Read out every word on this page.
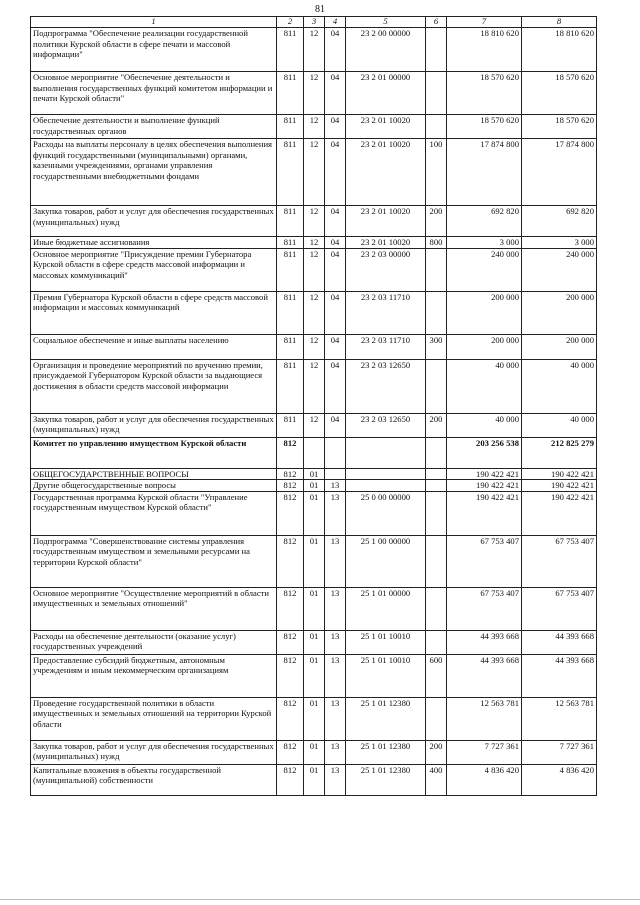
81
1	2	3	4	5	6	7	8
Подпрограмма "Обеспечение реализации государственной политики Курской области в сфере печати и массовой информации"	811	12	04	23 2 00 00000		18 810 620	18 810 620
Основное мероприятие "Обеспечение деятельности и выполнения государственных функций комитетом информации и печати Курской области"	811	12	04	23 2 01 00000		18 570 620	18 570 620
Обеспечение деятельности и выполнение функций государственных органов	811	12	04	23 2 01 10020		18 570 620	18 570 620
Расходы на выплаты персоналу в целях обеспечения выполнения функций государственными (муниципальными) органами, казенными учреждениями, органами управления государственными внебюджетными фондами	811	12	04	23 2 01 10020	100	17 874 800	17 874 800
Закупка товаров, работ и услуг для обеспечения государственных (муниципальных) нужд	811	12	04	23 2 01 10020	200	692 820	692 820
Иные бюджетные ассигнования	811	12	04	23 2 01 10020	800	3 000	3 000
Основное мероприятие "Присуждение премии Губернатора Курской области в сфере средств массовой информации и массовых коммуникаций"	811	12	04	23 2 03 00000		240 000	240 000
Премия Губернатора Курской области в сфере средств массовой информации и массовых коммуникаций	811	12	04	23 2 03 11710		200 000	200 000
Социальное обеспечение и иные выплаты населению	811	12	04	23 2 03 11710	300	200 000	200 000
Организация и проведение мероприятий по вручению премии, присуждаемой Губернатором Курской области за выдающиеся достижения в области средств массовой информации	811	12	04	23 2 03 12650		40 000	40 000
Закупка товаров, работ и услуг для обеспечения государственных (муниципальных) нужд	811	12	04	23 2 03 12650	200	40 000	40 000
Комитет по управлению имуществом Курской области	812					203 256 538	212 825 279
ОБЩЕГОСУДАРСТВЕННЫЕ ВОПРОСЫ	812	01				190 422 421	190 422 421
Другие общегосударственные вопросы	812	01	13			190 422 421	190 422 421
Государственная программа Курской области "Управление государственным имуществом Курской области"	812	01	13	25 0 00 00000		190 422 421	190 422 421
Подпрограмма "Совершенствование системы управления государственным имуществом и земельными ресурсами на территории Курской области"	812	01	13	25 1 00 00000		67 753 407	67 753 407
Основное мероприятие "Осуществление мероприятий в области имущественных и земельных отношений"	812	01	13	25 1 01 00000		67 753 407	67 753 407
Расходы на обеспечение деятельности (оказание услуг) государственных учреждений	812	01	13	25 1 01 10010		44 393 668	44 393 668
Предоставление субсидий бюджетным, автономным учреждениям и иным некоммерческим организациям	812	01	13	25 1 01 10010	600	44 393 668	44 393 668
Проведение государственной политики в области имущественных и земельных отношений на территории Курской области	812	01	13	25 1 01 12380		12 563 781	12 563 781
Закупка товаров, работ и услуг для обеспечения государственных (муниципальных) нужд	812	01	13	25 1 01 12380	200	7 727 361	7 727 361
Капитальные вложения в объекты государственной (муниципальной) собственности	812	01	13	25 1 01 12380	400	4 836 420	4 836 420
